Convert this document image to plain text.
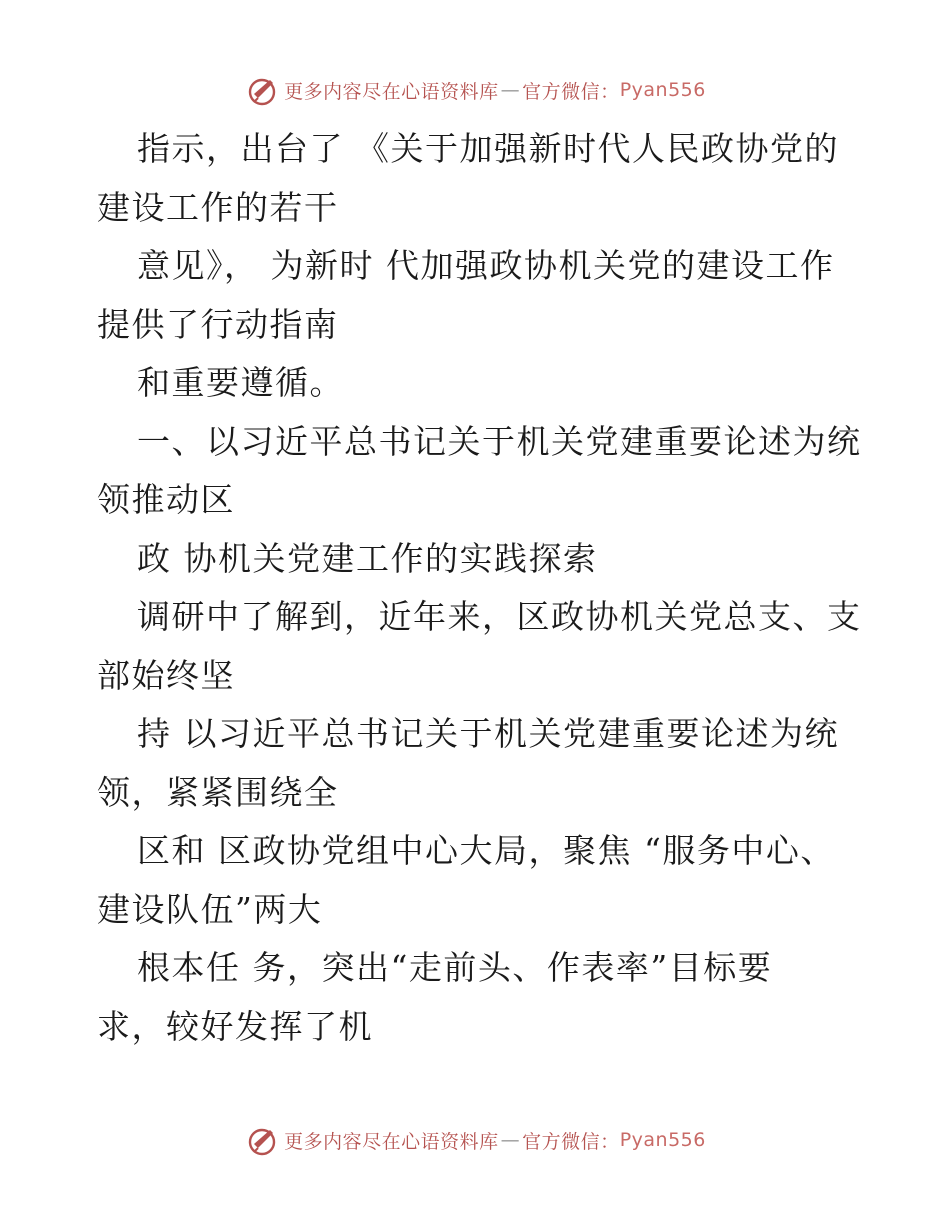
更多内容尽在心语资料库 — 官方微信： Pyan556
指示，出台了 《关于加强新时代人民政协党的
建设工作的若干
意见》， 为新时 代加强政协机关党的建设工作
提供了行动指南
和重要遵循。
一、以习近平总书记关于机关党建重要论述为统
领推动区
政 协机关党建工作的实践探索
调研中了解到，近年来，区政协机关党总支、支
部始终坚
持 以习近平总书记关于机关党建重要论述为统
领，紧紧围绕全
区和 区政协党组中心大局，聚焦 “服务中心、
建设队伍”两大
根本任 务，突出“走前头、作表率”目标要
求，较好发挥了机
更多内容尽在心语资料库 — 官方微信： Pyan556
